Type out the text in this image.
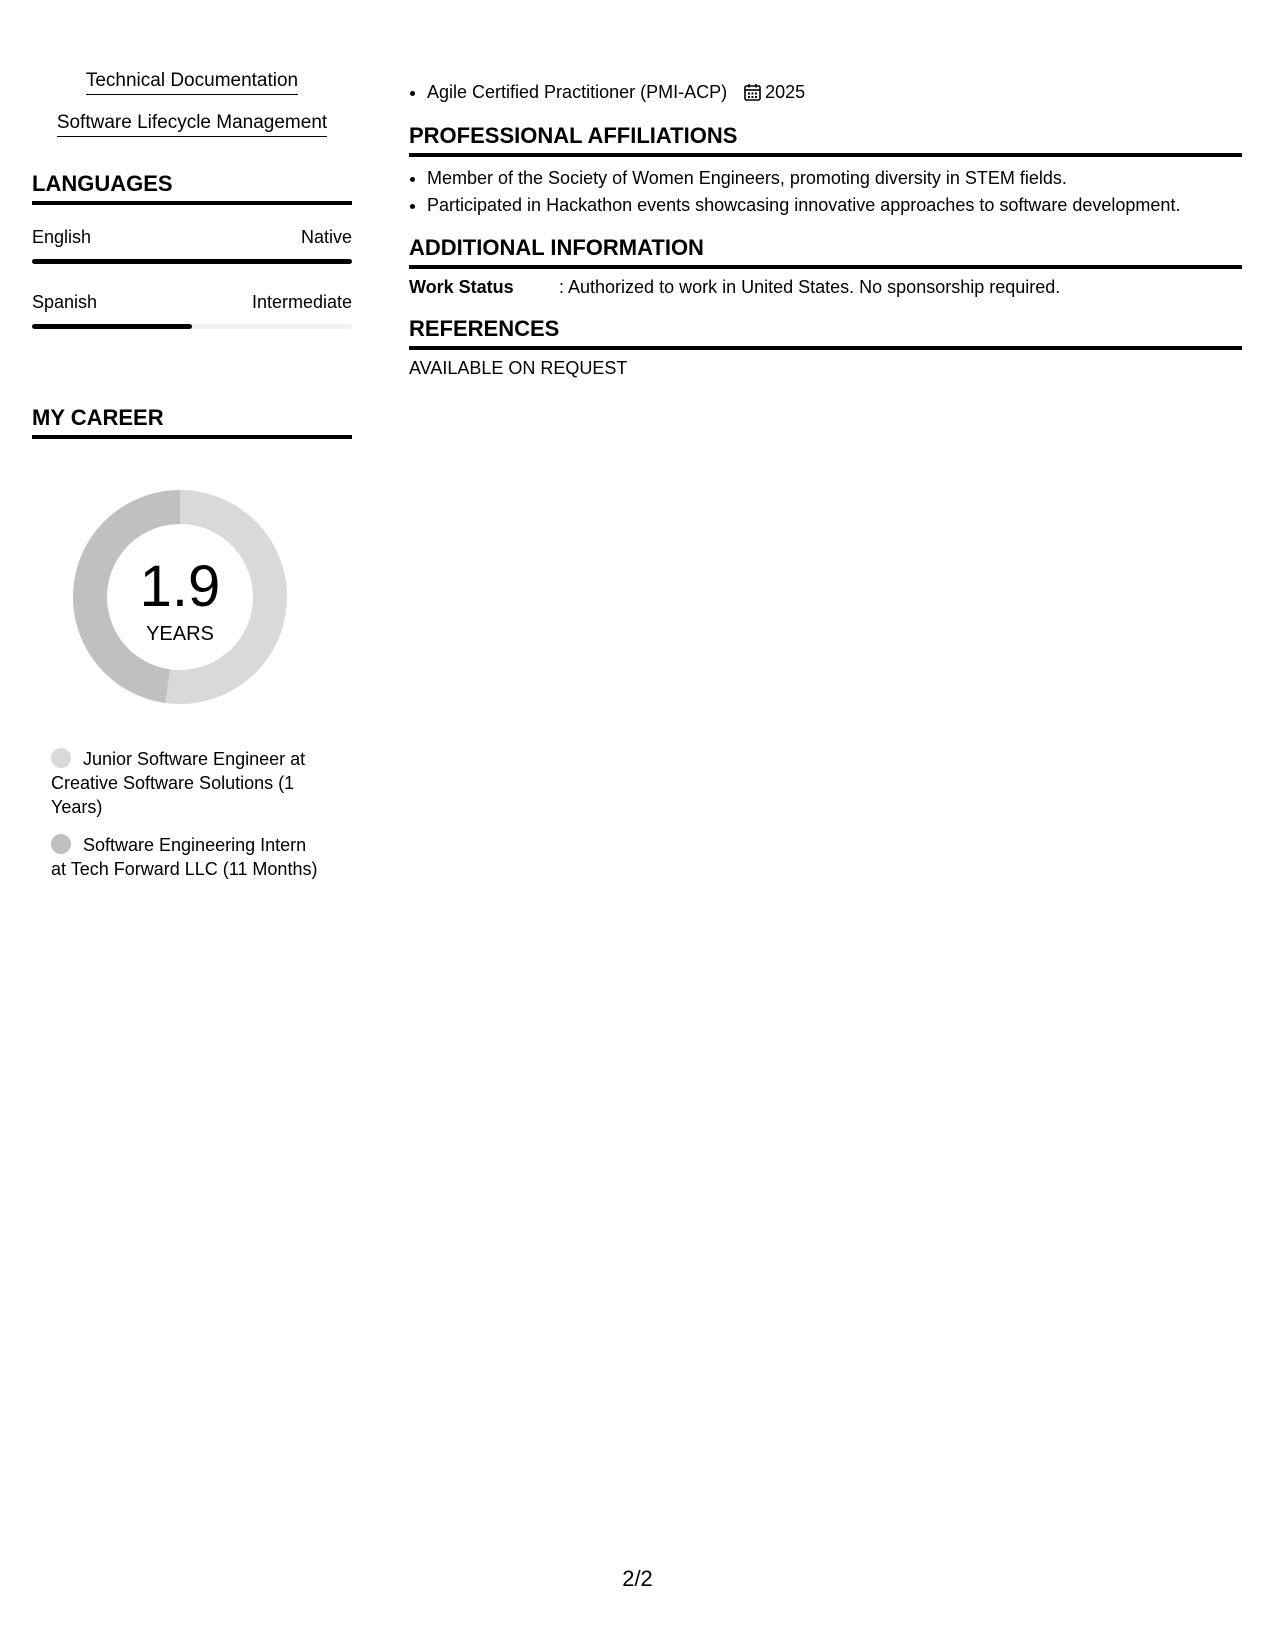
Technical Documentation
Software Lifecycle Management
LANGUAGES
English	Native
Spanish	Intermediate
MY CAREER
1.9
YEARS
Junior Software Engineer at Creative Software Solutions (1 Years)
Software Engineering Intern at Tech Forward LLC (11 Months)
• Agile Certified Practitioner (PMI-ACP) 2025
PROFESSIONAL AFFILIATIONS
• Member of the Society of Women Engineers, promoting diversity in STEM fields.
• Participated in Hackathon events showcasing innovative approaches to software development.
ADDITIONAL INFORMATION
Work Status	: Authorized to work in United States. No sponsorship required.
REFERENCES
AVAILABLE ON REQUEST
2/2
